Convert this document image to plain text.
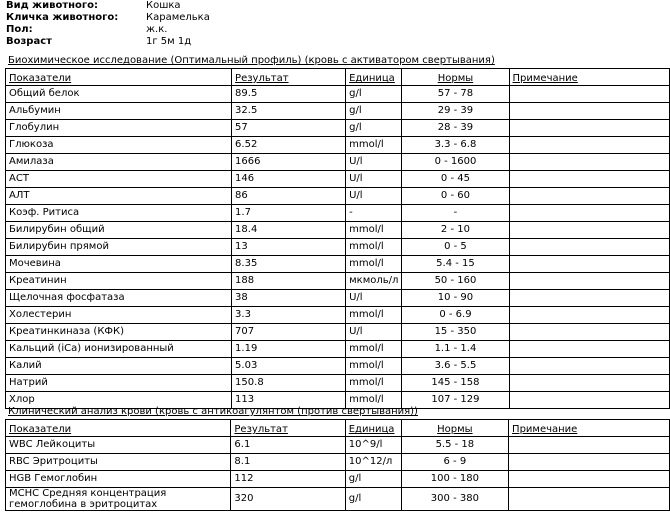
Вид животного:	Кошка
Кличка животного:	Карамелька
Пол:	ж.к.
Возраст	1г 5м 1д
Биохимическое исследование (Оптимальный профиль) (кровь с активатором свертывания)
Показатели	Результат	Единица	Нормы	Примечание
Общий белок	89.5	g/l	57 - 78	
Альбумин	32.5	g/l	29 - 39	
Глобулин	57	g/l	28 - 39	
Глюкоза	6.52	mmol/l	3.3 - 6.8	
Амилаза	1666	U/l	0 - 1600	
АСТ	146	U/l	0 - 45	
АЛТ	86	U/l	0 - 60	
Коэф. Ритиса	1.7	-	-	
Билирубин общий	18.4	mmol/l	2 - 10	
Билирубин прямой	13	mmol/l	0 - 5	
Мочевина	8.35	mmol/l	5.4 - 15	
Креатинин	188	мкмоль/л	50 - 160	
Щелочная фосфатаза	38	U/l	10 - 90	
Холестерин	3.3	mmol/l	0 - 6.9	
Креатинкиназа (КФК)	707	U/l	15 - 350	
Кальций (iCa) ионизированный	1.19	mmol/l	1.1 - 1.4	
Калий	5.03	mmol/l	3.6 - 5.5	
Натрий	150.8	mmol/l	145 - 158	
Хлор	113	mmol/l	107 - 129	
Клинический анализ крови (кровь с антикоагулянтом (против свертывания))
Показатели	Результат	Единица	Нормы	Примечание
WBC Лейкоциты	6.1	10^9/l	5.5 - 18	
RBC Эритроциты	8.1	10^12/л	6 - 9	
HGB Гемоглобин	112	g/l	100 - 180	
MCHC Средняя концентрация гемоглобина в эритроцитах	320	g/l	300 - 380	
